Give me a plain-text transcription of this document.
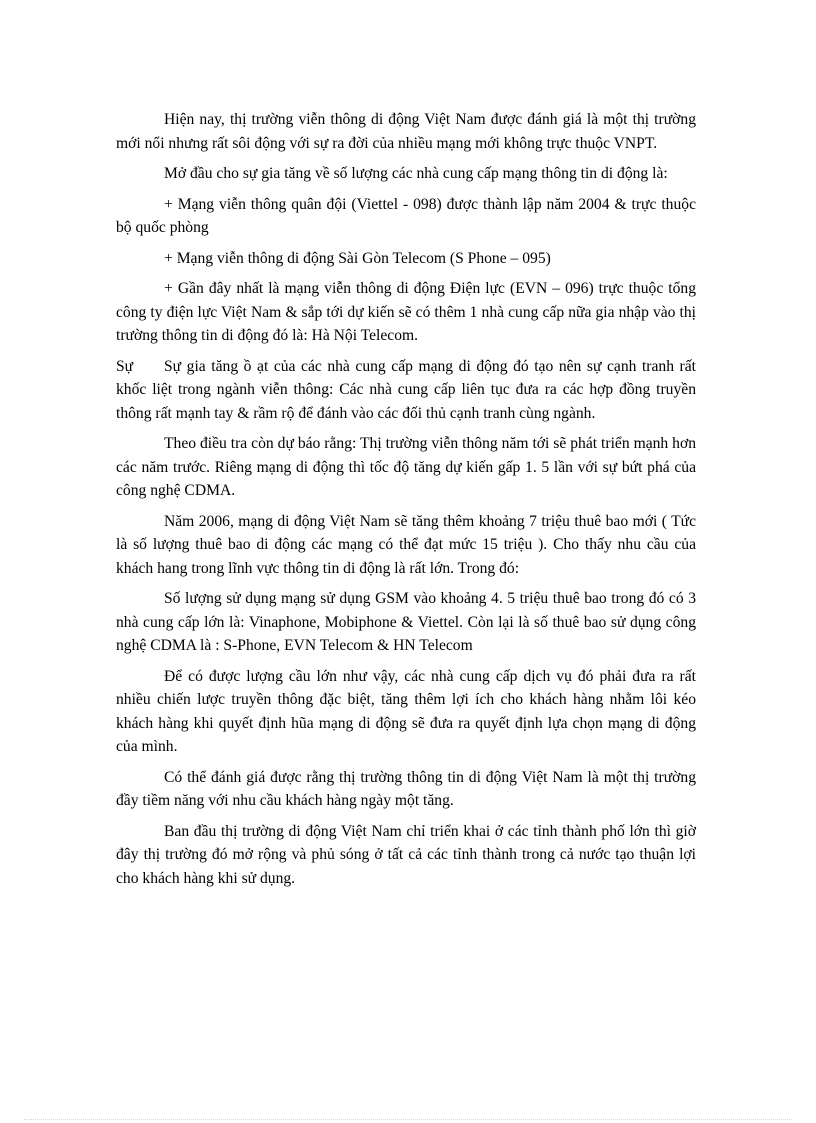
Hiện nay, thị trường viễn thông di động Việt Nam được đánh giá là một thị trường mới nổi nhưng rất sôi động với sự ra đời của nhiều mạng mới không trực thuộc VNPT.

Mở đầu cho sự gia tăng về số lượng các nhà cung cấp mạng thông tin di động là:

+ Mạng viễn thông quân đội (Viettel - 098) được thành lập năm 2004 & trực thuộc bộ quốc phòng

+ Mạng viễn thông di động Sài Gòn Telecom (S Phone – 095)

+ Gần đây nhất là mạng viễn thông di động Điện lực (EVN – 096) trực thuộc tổng công ty điện lực Việt Nam & sắp tới dự kiến sẽ có thêm 1 nhà cung cấp nữa gia nhập vào thị trường thông tin di động đó là: Hà Nội Telecom.

Sự Sự gia tăng ồ ạt của các nhà cung cấp mạng di động đó tạo nên sự cạnh tranh rất khốc liệt trong ngành viễn thông: Các nhà cung cấp liên tục đưa ra các hợp đồng truyền thông rất mạnh tay & rầm rộ để đánh vào các đối thủ cạnh tranh cùng ngành.

Theo điều tra còn dự báo rằng: Thị trường viễn thông năm tới sẽ phát triển mạnh hơn các năm trước. Riêng mạng di động thì tốc độ tăng dự kiến gấp 1. 5 lần với sự bứt phá của công nghệ CDMA.

Năm 2006, mạng di động Việt Nam sẽ tăng thêm khoảng 7 triệu thuê bao mới ( Tức là số lượng thuê bao di động các mạng có thể đạt mức 15 triệu ). Cho thấy nhu cầu của khách hang trong lĩnh vực thông tin di động là rất lớn. Trong đó:

Số lượng sử dụng mạng sử dụng GSM vào khoảng 4. 5 triệu thuê bao trong đó có 3 nhà cung cấp lớn là: Vinaphone, Mobiphone & Viettel. Còn lại là số thuê bao sử dụng công nghệ CDMA là : S-Phone, EVN Telecom & HN Telecom

Để có được lượng cầu lớn như vậy, các nhà cung cấp dịch vụ đó phải đưa ra rất nhiều chiến lược truyền thông đặc biệt, tăng thêm lợi ích cho khách hàng nhằm lôi kéo khách hàng khi quyết định hũa mạng di động sẽ đưa ra quyết định lựa chọn mạng di động của mình.

Có thể đánh giá được rằng thị trường thông tin di động Việt Nam là một thị trường đầy tiềm năng với nhu cầu khách hàng ngày một tăng.

Ban đầu thị trường di động Việt Nam chỉ triển khai ở các tỉnh thành phố lớn thì giờ đây thị trường đó mở rộng và phủ sóng ở tất cả các tỉnh thành trong cả nước tạo thuận lợi cho khách hàng khi sử dụng.
